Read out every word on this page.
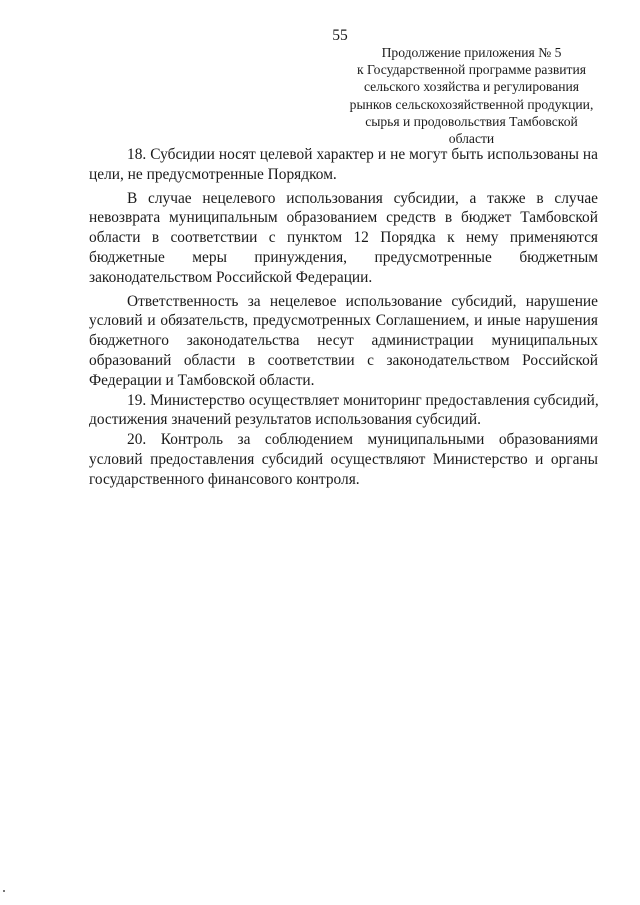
55
Продолжение приложения № 5
к Государственной программе развития
сельского хозяйства и регулирования
рынков сельскохозяйственной продукции,
сырья и продовольствия Тамбовской
области
18. Субсидии носят целевой характер и не могут быть использованы на
цели, не предусмотренные Порядком.
В случае нецелевого использования субсидии, а также в случае
невозврата муниципальным образованием средств в бюджет Тамбовской
области в соответствии с пунктом 12 Порядка к нему применяются
бюджетные меры принуждения, предусмотренные бюджетным
законодательством Российской Федерации.
Ответственность за нецелевое использование субсидий, нарушение
условий и обязательств, предусмотренных Соглашением, и иные нарушения
бюджетного законодательства несут администрации муниципальных
образований области в соответствии с законодательством Российской
Федерации и Тамбовской области.
19. Министерство осуществляет мониторинг предоставления субсидий,
достижения значений результатов использования субсидий.
20. Контроль за соблюдением муниципальными образованиями
условий предоставления субсидий осуществляют Министерство и органы
государственного финансового контроля.
